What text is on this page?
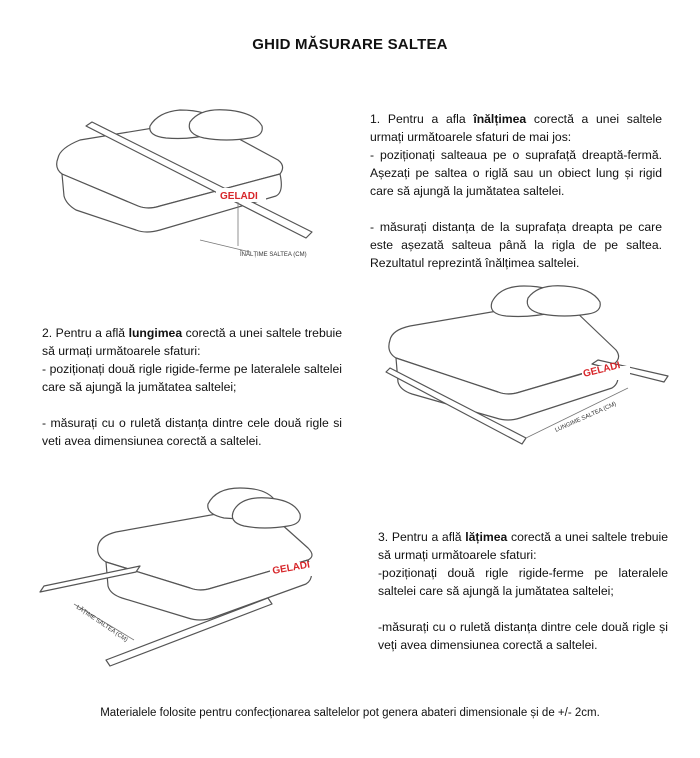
GHID MĂSURARE SALTEA
GELADI
ÎNĂLȚIME SALTEA (CM)
GELADI
LUNGIME SALTEA (CM)
GELADI
LĂȚIME SALTEA (CM)

1. Pentru a afla înălțimea corectă a unei saltele urmați următoarele sfaturi de mai jos:

- poziționați salteaua pe o suprafață dreaptă-fermă. Așezați pe saltea o riglă sau un obiect lung și rigid care să ajungă la jumătatea saltelei.

- măsurați distanța de la suprafața dreapta pe care este așezată salteua până la rigla de pe saltea. Rezultatul reprezintă înălțimea saltelei.

2. Pentru a află lungimea corectă a unei saltele trebuie să urmați următoarele sfaturi:

- poziționați două rigle rigide-ferme pe lateralele saltelei care să ajungă la jumătatea saltelei;

- măsurați cu o ruletă distanța dintre cele două rigle si veti avea dimensiunea corectă a saltelei.

3. Pentru a află lățimea corectă a unei saltele trebuie să urmați următoarele sfaturi:

-poziționați două rigle rigide-ferme pe lateralele saltelei care să ajungă la jumătatea saltelei;

-măsurați cu o ruletă distanța dintre cele două rigle și veți avea dimensiunea corectă a saltelei.

Materialele folosite pentru confecționarea saltelelor pot genera abateri dimensionale și de +/- 2cm.
